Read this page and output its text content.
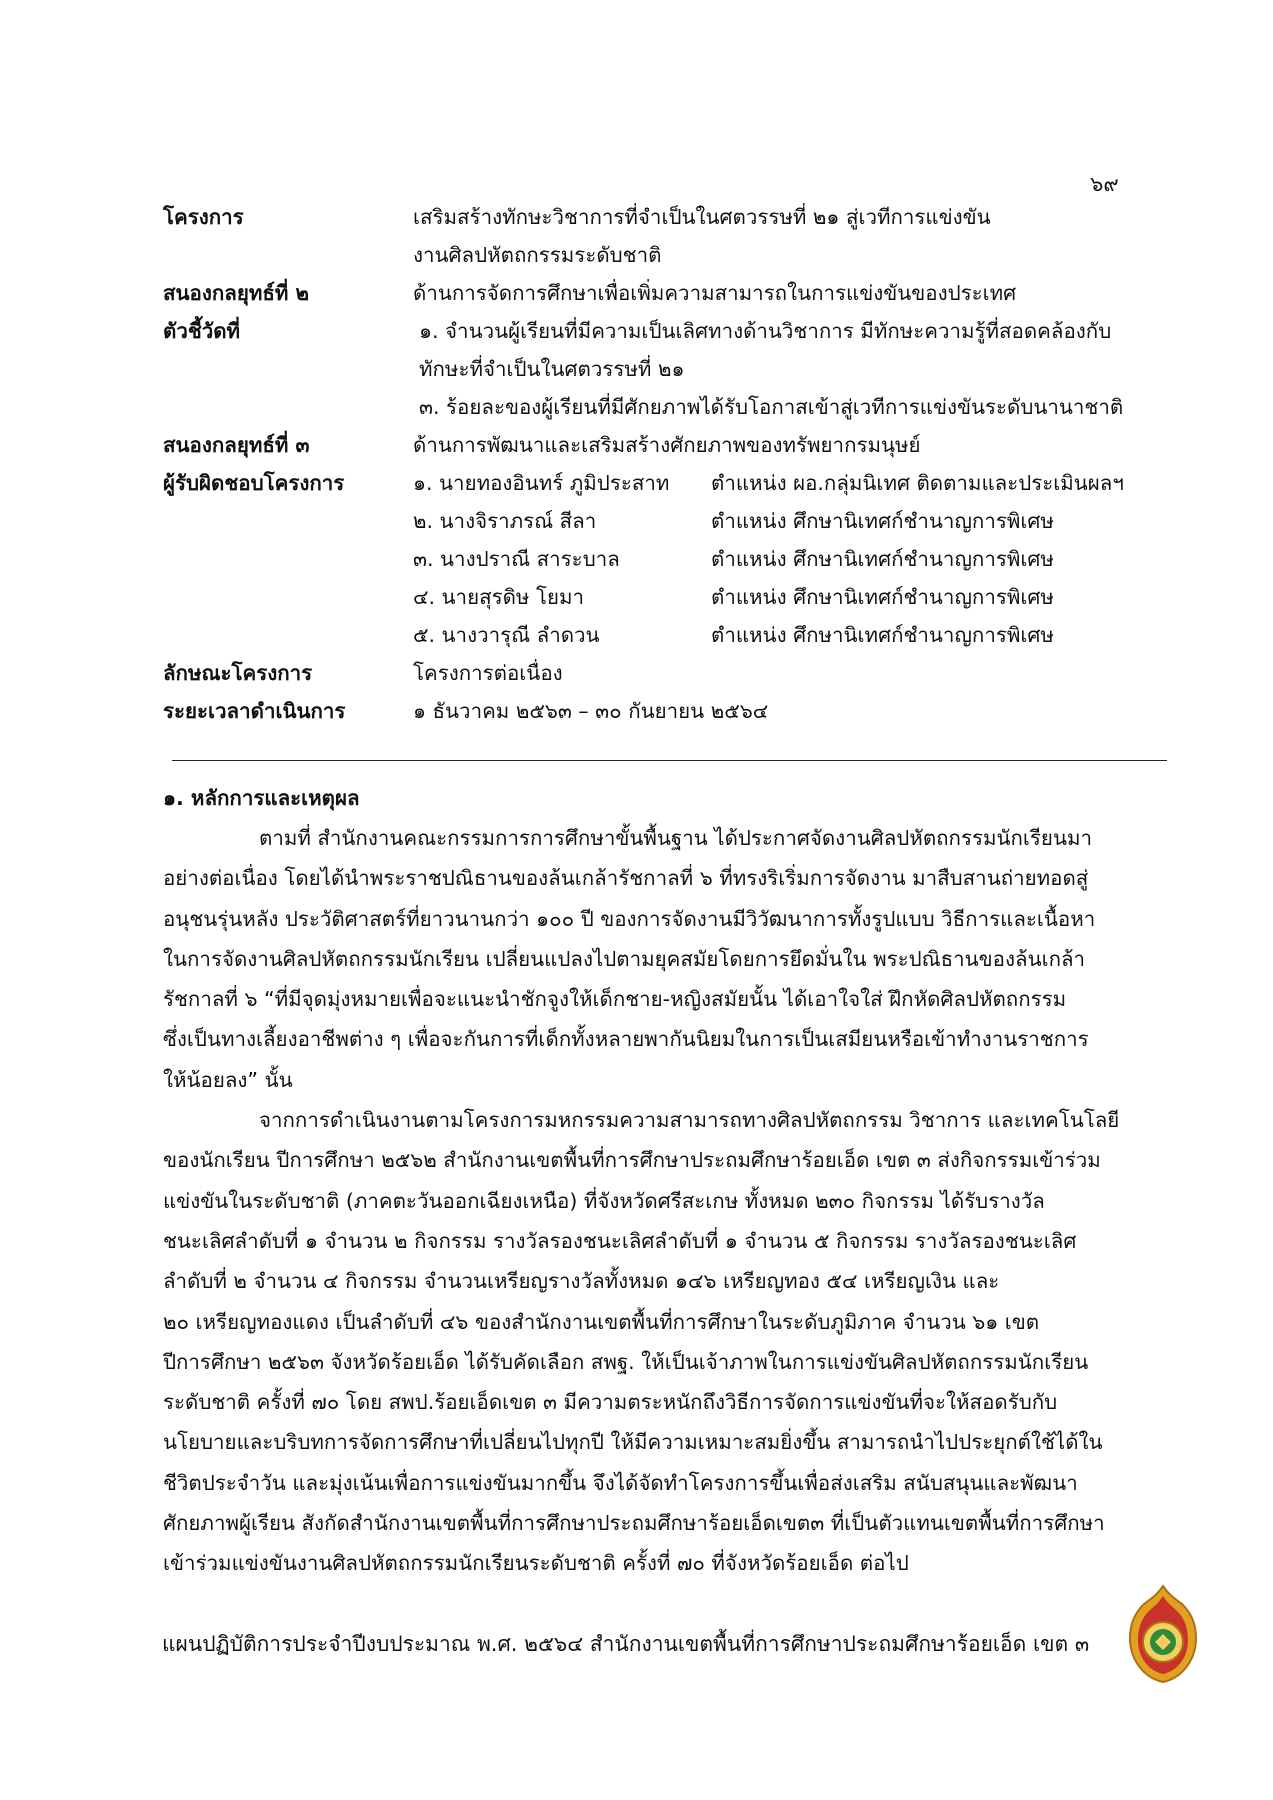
๖๙
โครงการ	เสริมสร้างทักษะวิชาการที่จำเป็นในศตวรรษที่ ๒๑ สู่เวทีการแข่งขัน
งานศิลปหัตถกรรมระดับชาติ
สนองกลยุทธ์ที่ ๒	ด้านการจัดการศึกษาเพื่อเพิ่มความสามารถในการแข่งขันของประเทศ
ตัวชี้วัดที่	๑. จำนวนผู้เรียนที่มีความเป็นเลิศทางด้านวิชาการ มีทักษะความรู้ที่สอดคล้องกับ
ทักษะที่จำเป็นในศตวรรษที่ ๒๑
๓. ร้อยละของผู้เรียนที่มีศักยภาพได้รับโอกาสเข้าสู่เวทีการแข่งขันระดับนานาชาติ
สนองกลยุทธ์ที่ ๓	ด้านการพัฒนาและเสริมสร้างศักยภาพของทรัพยากรมนุษย์
ผู้รับผิดชอบโครงการ	๑. นายทองอินทร์ ภูมิประสาท	ตำแหน่ง ผอ.กลุ่มนิเทศ ติดตามและประเมินผลฯ
๒. นางจิราภรณ์ สีลา	ตำแหน่ง ศึกษานิเทศก์ชำนาญการพิเศษ
๓. นางปราณี สาระบาล	ตำแหน่ง ศึกษานิเทศก์ชำนาญการพิเศษ
๔. นายสุรดิษ โยมา	ตำแหน่ง ศึกษานิเทศก์ชำนาญการพิเศษ
๕. นางวารุณี ลำดวน	ตำแหน่ง ศึกษานิเทศก์ชำนาญการพิเศษ
ลักษณะโครงการ	โครงการต่อเนื่อง
ระยะเวลาดำเนินการ	๑ ธันวาคม ๒๕๖๓ – ๓๐ กันยายน ๒๕๖๔
๑. หลักการและเหตุผล

ตามที่ สำนักงานคณะกรรมการการศึกษาขั้นพื้นฐาน ได้ประกาศจัดงานศิลปหัตถกรรมนักเรียนมา

อย่างต่อเนื่อง โดยได้นำพระราชปณิธานของล้นเกล้ารัชกาลที่ ๖ ที่ทรงริเริ่มการจัดงาน มาสืบสานถ่ายทอดสู่

อนุชนรุ่นหลัง ประวัติศาสตร์ที่ยาวนานกว่า ๑๐๐ ปี ของการจัดงานมีวิวัฒนาการทั้งรูปแบบ วิธีการและเนื้อหา

ในการจัดงานศิลปหัตถกรรมนักเรียน เปลี่ยนแปลงไปตามยุคสมัยโดยการยึดมั่นใน พระปณิธานของล้นเกล้า

รัชกาลที่ ๖ “ที่มีจุดมุ่งหมายเพื่อจะแนะนำชักจูงให้เด็กชาย-หญิงสมัยนั้น ได้เอาใจใส่ ฝึกหัดศิลปหัตถกรรม

ซึ่งเป็นทางเลี้ยงอาชีพต่าง ๆ เพื่อจะกันการที่เด็กทั้งหลายพากันนิยมในการเป็นเสมียนหรือเข้าทำงานราชการ

ให้น้อยลง” นั้น

จากการดำเนินงานตามโครงการมหกรรมความสามารถทางศิลปหัตถกรรม วิชาการ และเทคโนโลยี

ของนักเรียน ปีการศึกษา ๒๕๖๒ สำนักงานเขตพื้นที่การศึกษาประถมศึกษาร้อยเอ็ด เขต ๓ ส่งกิจกรรมเข้าร่วม

แข่งขันในระดับชาติ (ภาคตะวันออกเฉียงเหนือ) ที่จังหวัดศรีสะเกษ ทั้งหมด ๒๓๐ กิจกรรม ได้รับรางวัล

ชนะเลิศลำดับที่ ๑ จำนวน ๒ กิจกรรม รางวัลรองชนะเลิศลำดับที่ ๑ จำนวน ๕ กิจกรรม รางวัลรองชนะเลิศ

ลำดับที่ ๒ จำนวน ๔ กิจกรรม จำนวนเหรียญรางวัลทั้งหมด ๑๔๖ เหรียญทอง ๕๔ เหรียญเงิน และ

๒๐ เหรียญทองแดง เป็นลำดับที่ ๔๖ ของสำนักงานเขตพื้นที่การศึกษาในระดับภูมิภาค จำนวน ๖๑ เขต

ปีการศึกษา ๒๕๖๓ จังหวัดร้อยเอ็ด ได้รับคัดเลือก สพฐ. ให้เป็นเจ้าภาพในการแข่งขันศิลปหัตถกรรมนักเรียน

ระดับชาติ ครั้งที่ ๗๐ โดย สพป.ร้อยเอ็ดเขต ๓ มีความตระหนักถึงวิธีการจัดการแข่งขันที่จะให้สอดรับกับ

นโยบายและบริบทการจัดการศึกษาที่เปลี่ยนไปทุกปี ให้มีความเหมาะสมยิ่งขึ้น สามารถนำไปประยุกต์ใช้ได้ใน

ชีวิตประจำวัน และมุ่งเน้นเพื่อการแข่งขันมากขึ้น จึงได้จัดทำโครงการขึ้นเพื่อส่งเสริม สนับสนุนและพัฒนา

ศักยภาพผู้เรียน สังกัดสำนักงานเขตพื้นที่การศึกษาประถมศึกษาร้อยเอ็ดเขต๓ ที่เป็นตัวแทนเขตพื้นที่การศึกษา

เข้าร่วมแข่งขันงานศิลปหัตถกรรมนักเรียนระดับชาติ ครั้งที่ ๗๐ ที่จังหวัดร้อยเอ็ด ต่อไป

แผนปฏิบัติการประจำปีงบประมาณ พ.ศ. ๒๕๖๔ สำนักงานเขตพื้นที่การศึกษาประถมศึกษาร้อยเอ็ด เขต ๓
